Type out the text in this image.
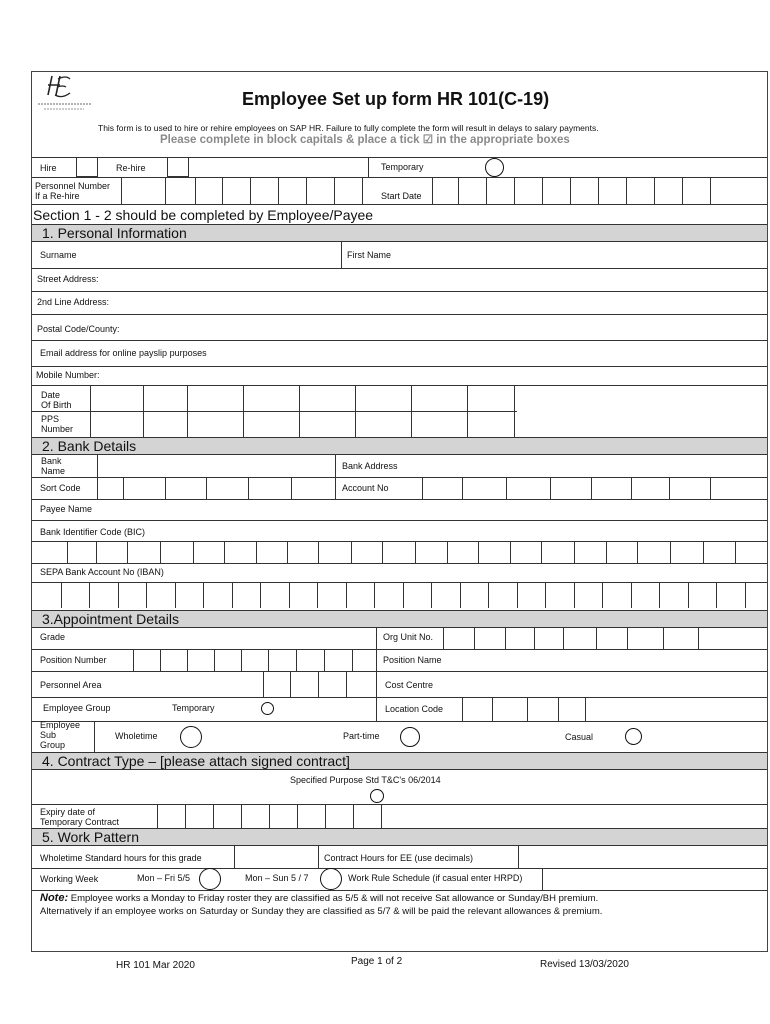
Employee Set up form HR 101(C-19)
This form is to used to hire or rehire employees on SAP HR. Failure to fully complete the form will result in delays to salary payments.
Please complete in block capitals & place a tick ☑ in the appropriate boxes
Hire	Re-hire	Temporary
Personnel Number
If a Re-hire	Start Date
Section 1 - 2 should be completed by Employee/Payee
1. Personal Information
Surname	First Name
Street Address:
2nd Line Address:
Postal Code/County:
Email address for online payslip purposes
Mobile Number:
Date
Of Birth
PPS
Number
2. Bank Details
Bank
Name	Bank Address
Sort Code	Account No
Payee Name
Bank Identifier Code (BIC)
SEPA Bank Account No (IBAN)
3.Appointment Details
Grade	Org Unit No.
Position Number	Position Name
Personnel Area	Cost Centre
Employee Group	Temporary	Location Code
Employee
Sub
Group
Wholetime	Part-time	Casual
4. Contract Type – [please attach signed contract]
Specified Purpose Std T&C's 06/2014
Expiry date of
Temporary Contract
5. Work Pattern
Wholetime Standard hours for this grade	Contract Hours for EE (use decimals)
Working Week	Mon – Fri 5/5	Mon – Sun 5 / 7	Work Rule Schedule (if casual enter HRPD)
Note: Employee works a Monday to Friday roster they are classified as 5/5 & will not receive Sat allowance or Sunday/BH premium.
Alternatively if an employee works on Saturday or Sunday they are classified as 5/7 & will be paid the relevant allowances & premium.
HR 101 Mar 2020	Page 1 of 2	Revised 13/03/2020
